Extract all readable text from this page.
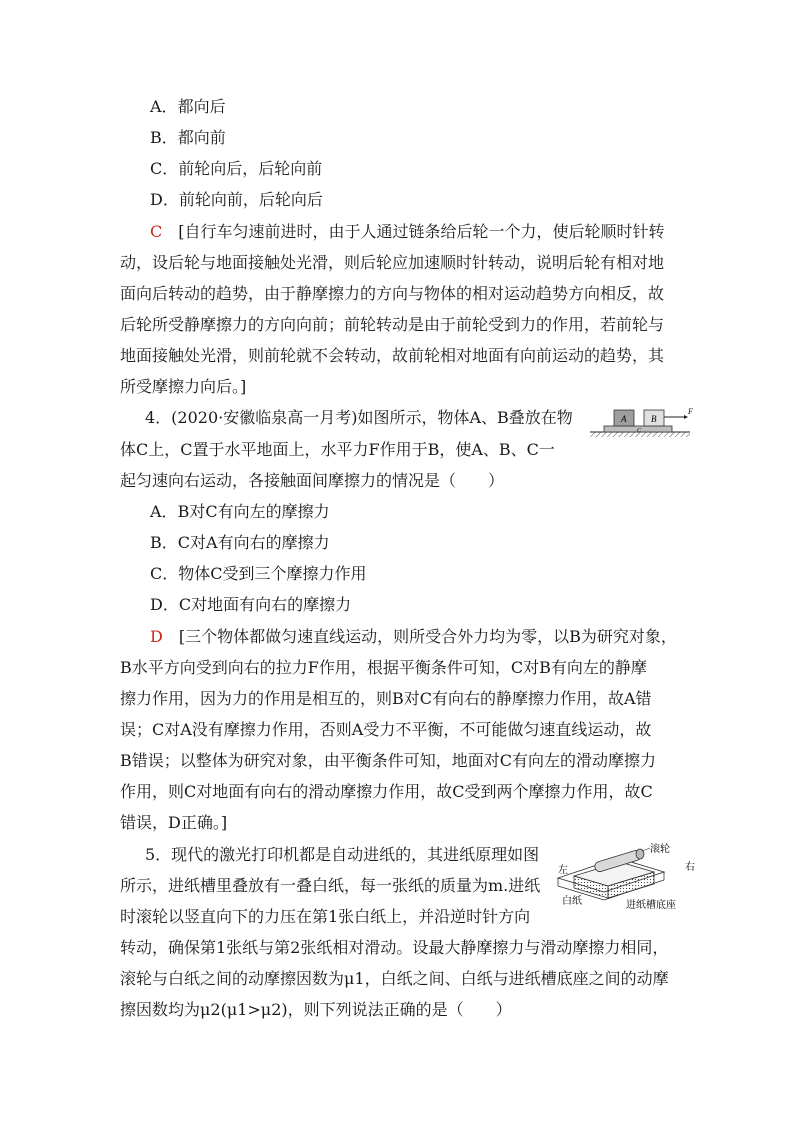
A．都向后
B．都向前
C．前轮向后，后轮向前
D．前轮向前，后轮向后
C　 [自行车匀速前进时，由于人通过链条给后轮一个力，使后轮顺时针转
动，设后轮与地面接触处光滑，则后轮应加速顺时针转动，说明后轮有相对地
面向后转动的趋势，由于静摩擦力的方向与物体的相对运动趋势方向相反，故
后轮所受静摩擦力的方向向前；前轮转动是由于前轮受到力的作用，若前轮与
地面接触处光滑，则前轮就不会转动，故前轮相对地面有向前运动的趋势，其
所受摩擦力向后。]
4．(2020·安徽临泉高一月考)如图所示，物体A、B叠放在物
体C上，C置于水平地面上，水平力F作用于B，使A、B、C一
起匀速向右运动，各接触面间摩擦力的情况是（　　）
A	B
C
F
A．B对C有向左的摩擦力
B．C对A有向右的摩擦力
C．物体C受到三个摩擦力作用
D．C对地面有向右的摩擦力
D　 [三个物体都做匀速直线运动，则所受合外力均为零，以B为研究对象，
B水平方向受到向右的拉力F作用，根据平衡条件可知，C对B有向左的静摩
擦力作用，因为力的作用是相互的，则B对C有向右的静摩擦力作用，故A错
误；C对A没有摩擦力作用，否则A受力不平衡，不可能做匀速直线运动，故
B错误；以整体为研究对象，由平衡条件可知，地面对C有向左的滑动摩擦力
作用，则C对地面有向右的滑动摩擦力作用，故C受到两个摩擦力作用，故C
错误，D正确。]
5．现代的激光打印机都是自动进纸的，其进纸原理如图
所示，进纸槽里叠放有一叠白纸，每一张纸的质量为m.进纸
时滚轮以竖直向下的力压在第1张白纸上，并沿逆时针方向
转动，确保第1张纸与第2张纸相对滑动。设最大静摩擦力与滑动摩擦力相同，
滚轮与白纸之间的动摩擦因数为μ1，白纸之间、白纸与进纸槽底座之间的动摩
擦因数均为μ2(μ1>μ2)，则下列说法正确的是（　　）
滚轮
右
左
白纸	进纸槽底座
